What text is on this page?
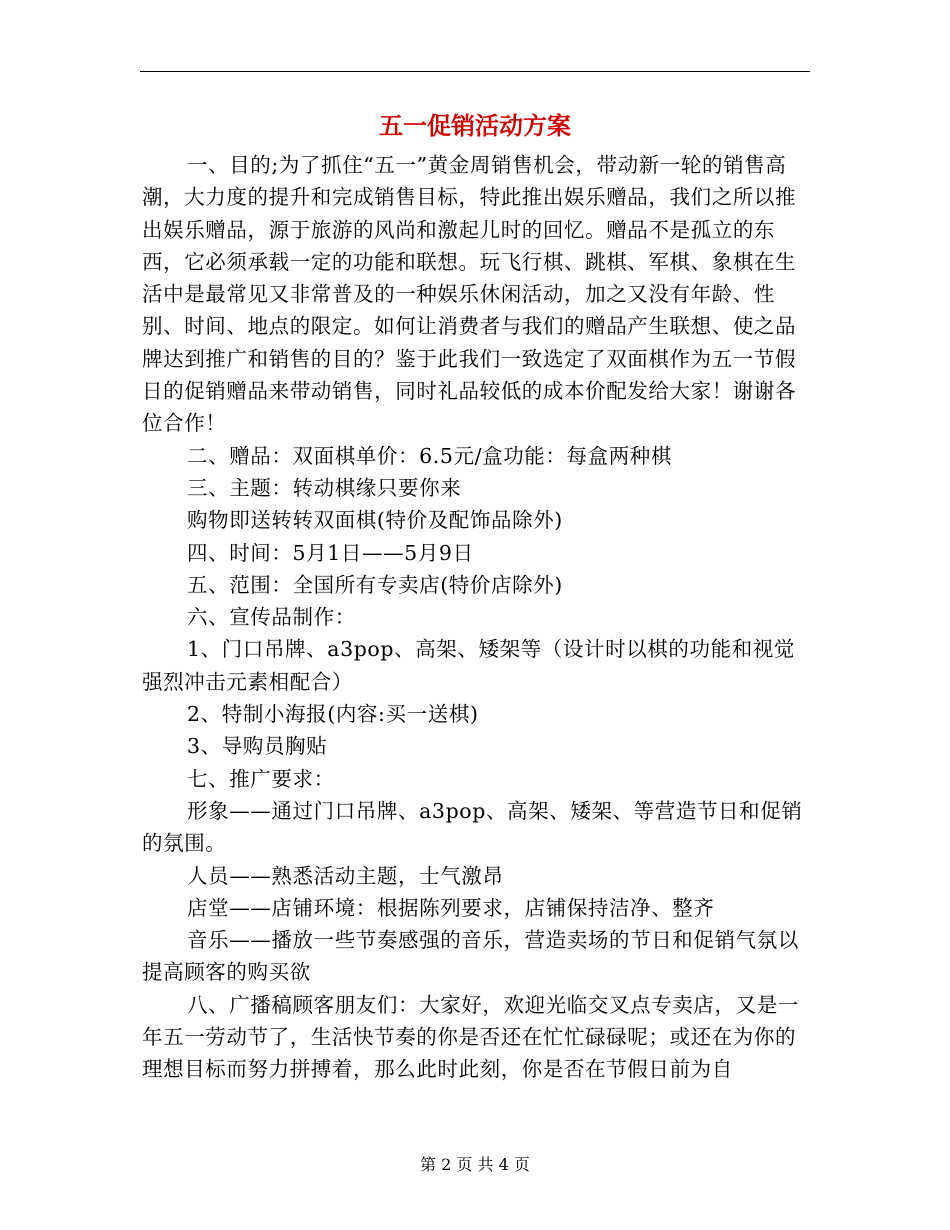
五一促销活动方案

一、目的;为了抓住“五一”黄金周销售机会，带动新一轮的销售高潮，大力度的提升和完成销售目标，特此推出娱乐赠品，我们之所以推出娱乐赠品，源于旅游的风尚和激起儿时的回忆。赠品不是孤立的东西，它必须承载一定的功能和联想。玩飞行棋、跳棋、军棋、象棋在生活中是最常见又非常普及的一种娱乐休闲活动，加之又没有年龄、性别、时间、地点的限定。如何让消费者与我们的赠品产生联想、使之品牌达到推广和销售的目的？鉴于此我们一致选定了双面棋作为五一节假日的促销赠品来带动销售，同时礼品较低的成本价配发给大家！谢谢各位合作！

二、赠品：双面棋单价：6.5元/盒功能：每盒两种棋

三、主题：转动棋缘只要你来

购物即送转转双面棋(特价及配饰品除外)

四、时间：5月1日——5月9日

五、范围：全国所有专卖店(特价店除外)

六、宣传品制作：

1、门口吊牌、a3pop、高架、矮架等（设计时以棋的功能和视觉强烈冲击元素相配合）

2、特制小海报(内容:买一送棋)

3、导购员胸贴

七、推广要求：

形象——通过门口吊牌、a3pop、高架、矮架、等营造节日和促销的氛围。

人员——熟悉活动主题，士气激昂

店堂——店铺环境：根据陈列要求，店铺保持洁净、整齐

音乐——播放一些节奏感强的音乐，营造卖场的节日和促销气氛以提高顾客的购买欲

八、广播稿顾客朋友们：大家好，欢迎光临交叉点专卖店，又是一年五一劳动节了，生活快节奏的你是否还在忙忙碌碌呢；或还在为你的理想目标而努力拼搏着，那么此时此刻，你是否在节假日前为自

第 2 页 共 4 页
